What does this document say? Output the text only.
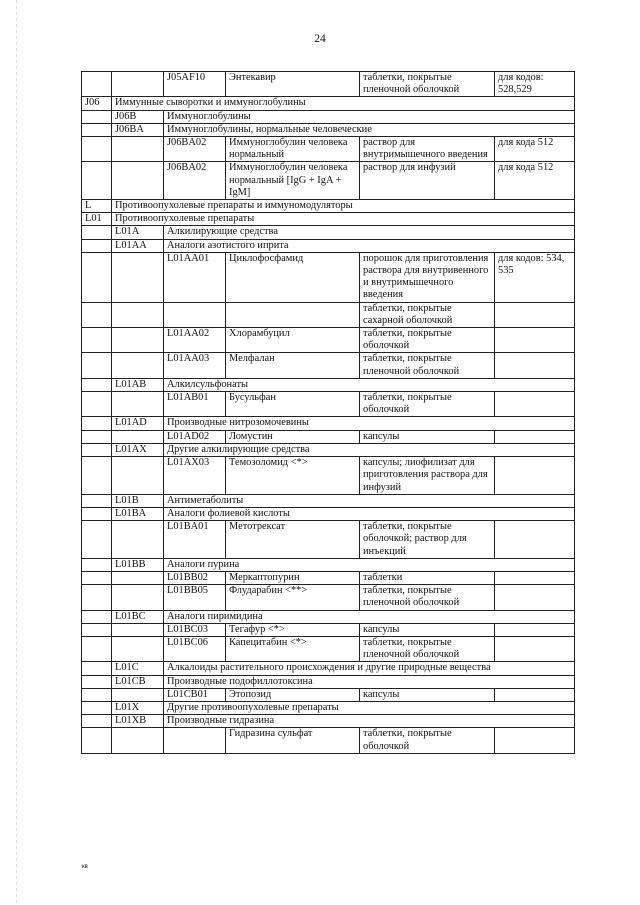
24
		J05AF10	Энтекавир	таблетки, покрытые пленочной оболочкой	для кодов: 528,529
J06	Иммунные сыворотки и иммуноглобулины				
	J06B	Иммуноглобулины			
	J06BA	Иммуноглобулины, нормальные человеческие			
		J06BA02	Иммуноглобулин человека нормальный	раствор для внутримышечного введения	для кода 512
		J06BA02	Иммуноглобулин человека нормальный [IgG + IgA + IgM]	раствор для инфузий	для кода 512
L	Противоопухолевые препараты и иммуномодуляторы				
L01	Противоопухолевые препараты				
	L01A	Алкилирующие средства			
	L01AA	Аналоги азотистого иприта			
		L01AA01	Циклофосфамид	порошок для приготовления раствора для внутривенного и внутримышечного введения	для кодов: 534, 535
				таблетки, покрытые сахарной оболочкой	
		L01AA02	Хлорамбуцил	таблетки, покрытые оболочкой	
		L01AA03	Мелфалан	таблетки, покрытые пленочной оболочкой	
	L01AB	Алкилсульфонаты			
		L01AB01	Бусульфан	таблетки, покрытые оболочкой	
	L01AD	Производные нитрозомочевины			
		L01AD02	Ломустин	капсулы	
	L01AX	Другие алкилирующие средства			
		L01AX03	Темозоломид <*>	капсулы; лиофилизат для приготовления раствора для инфузий	
	L01B	Антиметаболиты			
	L01BA	Аналоги фолиевой кислоты			
		L01BA01	Метотрексат	таблетки, покрытые оболочкой; раствор для инъекций	
	L01BB	Аналоги пурина			
		L01BB02	Меркаптопурин	таблетки	
		L01BB05	Флударабин <**>	таблетки, покрытые пленочной оболочкой	
	L01BC	Аналоги пиримидина			
		L01BC03	Тегафур <*>	капсулы	
		L01BC06	Капецитабин <*>	таблетки, покрытые пленочной оболочкой	
	L01C	Алкалоиды растительного происхождения и другие природные вещества			
	L01CB	Производные подофиллотоксина			
		L01CB01	Этопозид	капсулы	
	L01X	Другие противоопухолевые препараты			
	L01XB	Производные гидразина			
			Гидразина сульфат	таблетки, покрытые оболочкой	
кв
